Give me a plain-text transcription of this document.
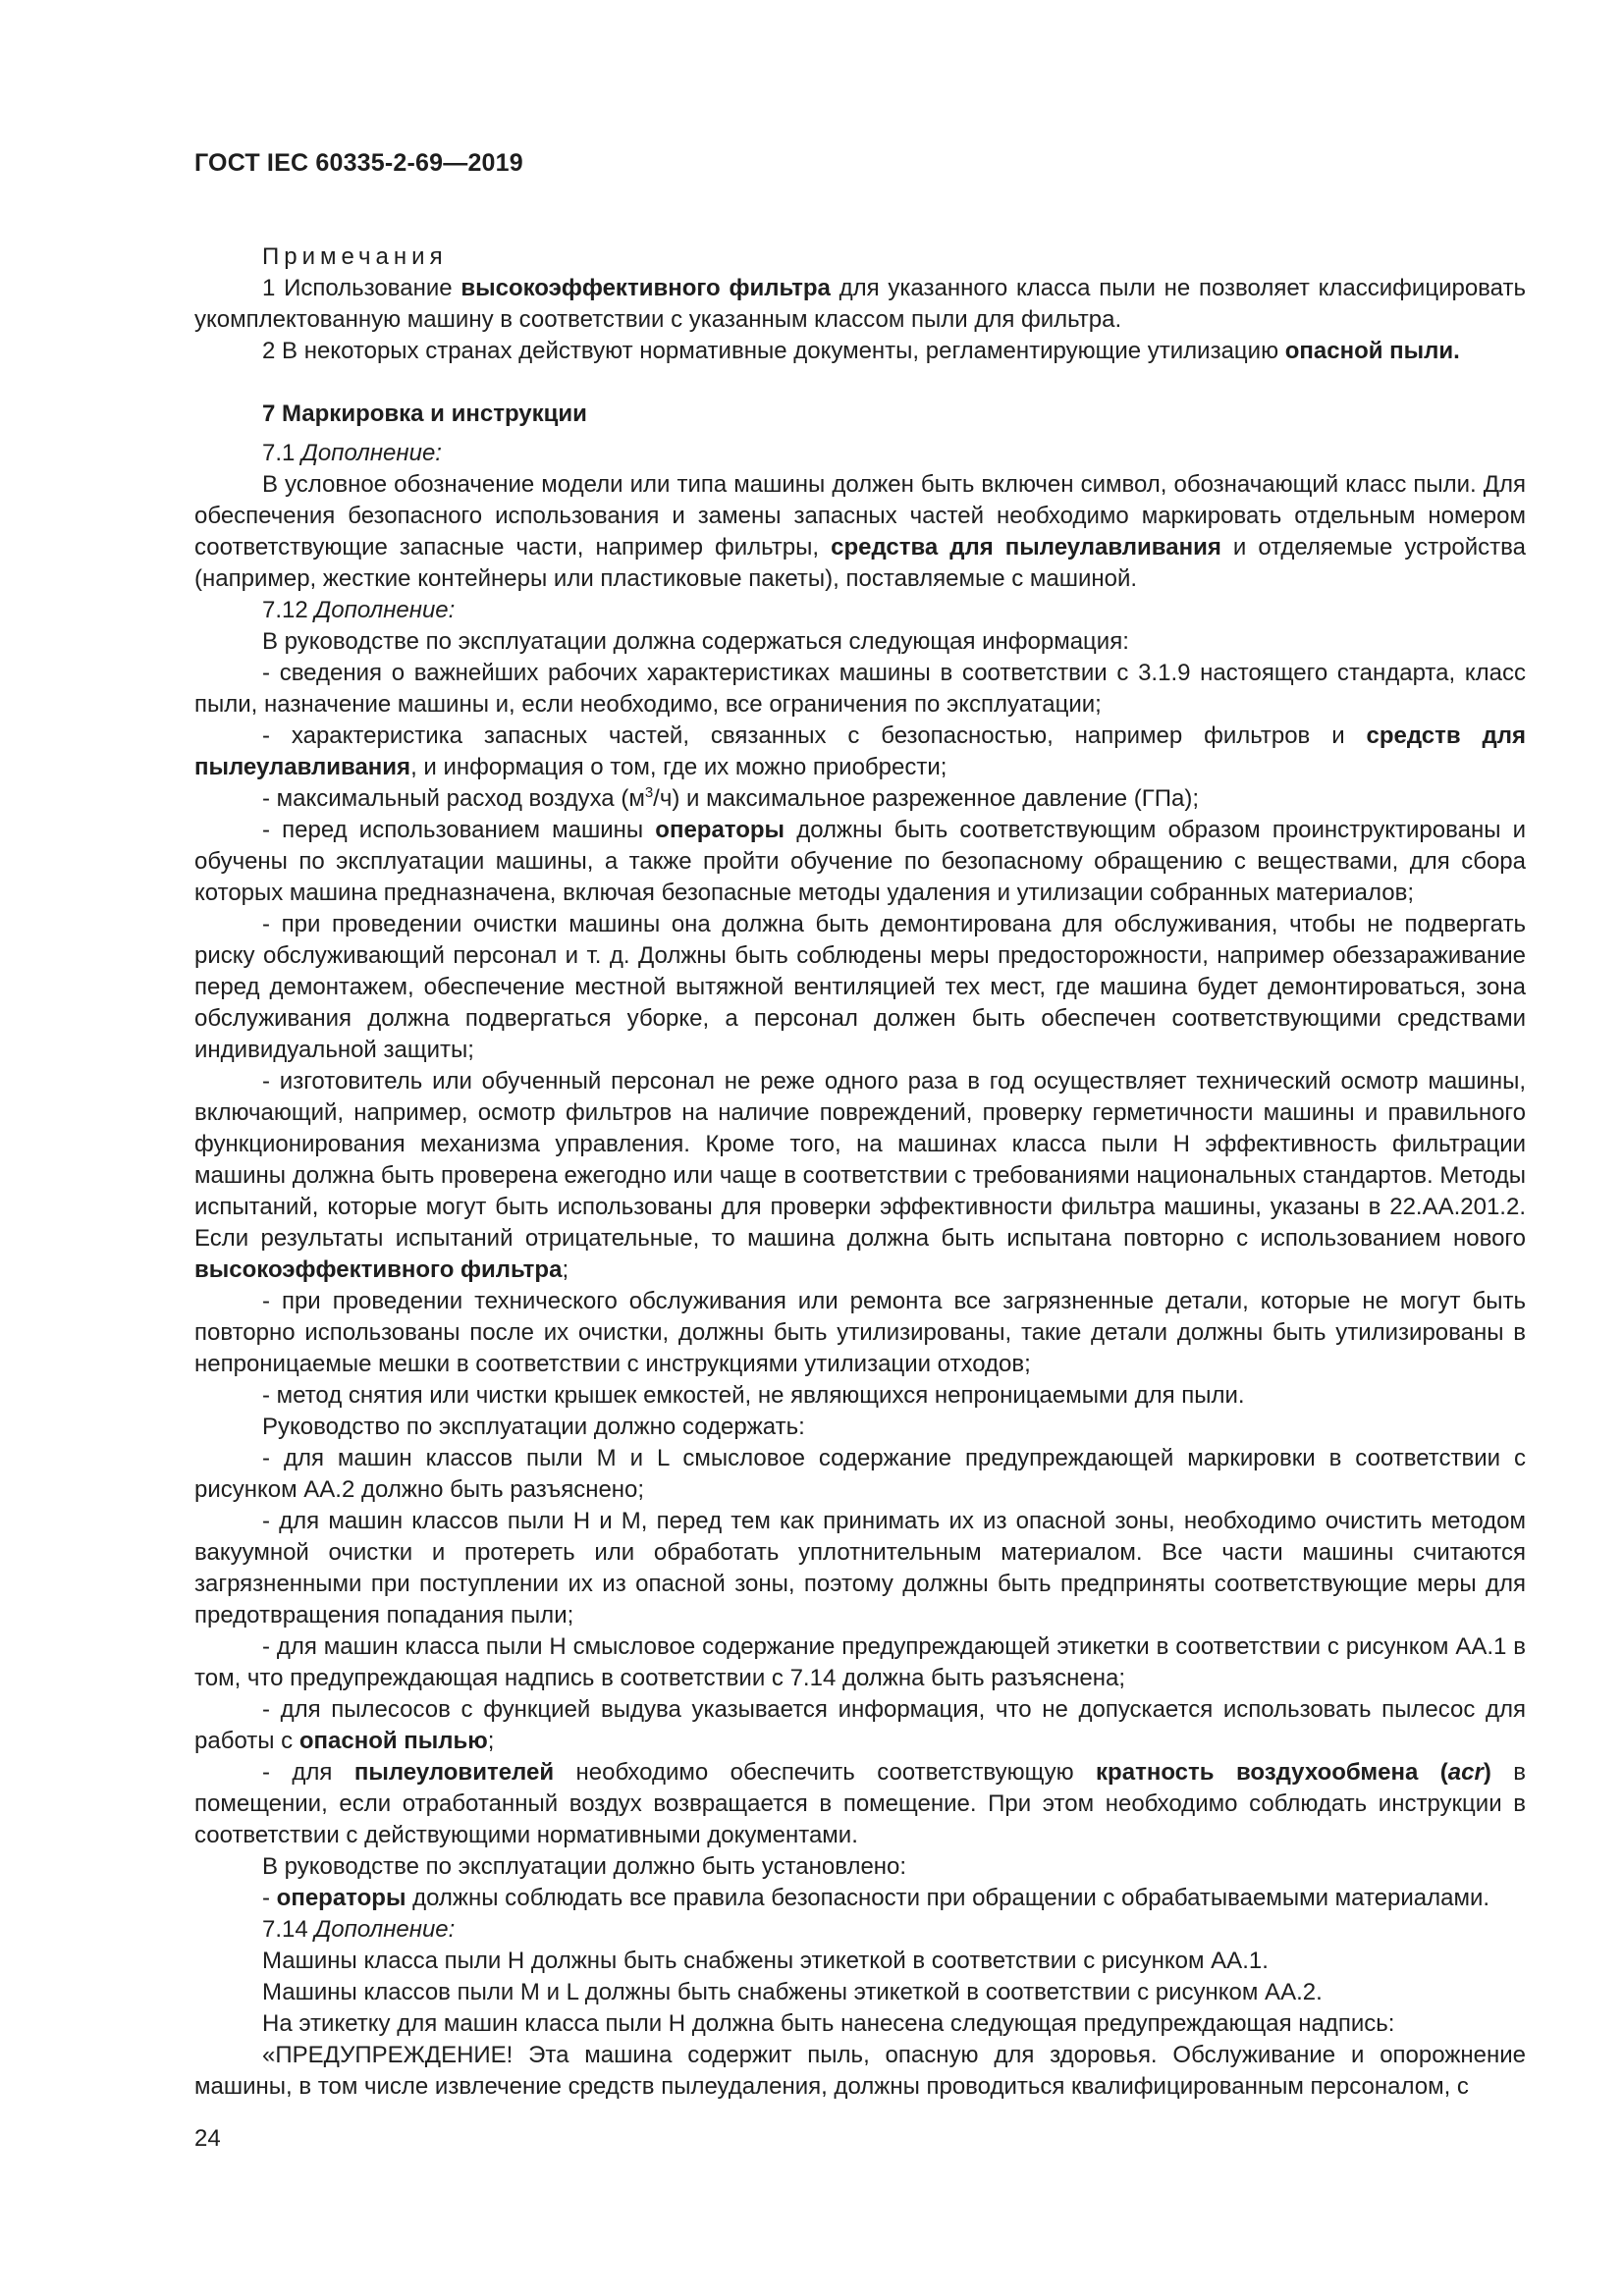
ГОСТ IEC 60335-2-69—2019

Примечания

1 Использование высокоэффективного фильтра для указанного класса пыли не позволяет классифицировать укомплектованную машину в соответствии с указанным классом пыли для фильтра.

2 В некоторых странах действуют нормативные документы, регламентирующие утилизацию опасной пыли.

7 Маркировка и инструкции

7.1 Дополнение:

В условное обозначение модели или типа машины должен быть включен символ, обозначающий класс пыли. Для обеспечения безопасного использования и замены запасных частей необходимо маркировать отдельным номером соответствующие запасные части, например фильтры, средства для пылеулавливания и отделяемые устройства (например, жесткие контейнеры или пластиковые пакеты), поставляемые с машиной.

7.12 Дополнение:

В руководстве по эксплуатации должна содержаться следующая информация:

- сведения о важнейших рабочих характеристиках машины в соответствии с 3.1.9 настоящего стандарта, класс пыли, назначение машины и, если необходимо, все ограничения по эксплуатации;

- характеристика запасных частей, связанных с безопасностью, например фильтров и средств для пылеулавливания, и информация о том, где их можно приобрести;

- максимальный расход воздуха $(м^3/ч)$ и максимальное разреженное давление (ГПа);

- перед использованием машины операторы должны быть соответствующим образом проинструктированы и обучены по эксплуатации машины, а также пройти обучение по безопасному обращению с веществами, для сбора которых машина предназначена, включая безопасные методы удаления и утилизации собранных материалов;

- при проведении очистки машины она должна быть демонтирована для обслуживания, чтобы не подвергать риску обслуживающий персонал и т. д. Должны быть соблюдены меры предосторожности, например обеззараживание перед демонтажем, обеспечение местной вытяжной вентиляцией тех мест, где машина будет демонтироваться, зона обслуживания должна подвергаться уборке, а персонал должен быть обеспечен соответствующими средствами индивидуальной защиты;

- изготовитель или обученный персонал не реже одного раза в год осуществляет технический осмотр машины, включающий, например, осмотр фильтров на наличие повреждений, проверку герметичности машины и правильного функционирования механизма управления. Кроме того, на машинах класса пыли Н эффективность фильтрации машины должна быть проверена ежегодно или чаще в соответствии с требованиями национальных стандартов. Методы испытаний, которые могут быть использованы для проверки эффективности фильтра машины, указаны в 22.АА.201.2. Если результаты испытаний отрицательные, то машина должна быть испытана повторно с использованием нового высокоэффективного фильтра;

- при проведении технического обслуживания или ремонта все загрязненные детали, которые не могут быть повторно использованы после их очистки, должны быть утилизированы, такие детали должны быть утилизированы в непроницаемые мешки в соответствии с инструкциями утилизации отходов;

- метод снятия или чистки крышек емкостей, не являющихся непроницаемыми для пыли.

Руководство по эксплуатации должно содержать:

- для машин классов пыли М и L смысловое содержание предупреждающей маркировки в соответствии с рисунком АА.2 должно быть разъяснено;

- для машин классов пыли Н и М, перед тем как принимать их из опасной зоны, необходимо очистить методом вакуумной очистки и протереть или обработать уплотнительным материалом. Все части машины считаются загрязненными при поступлении их из опасной зоны, поэтому должны быть предприняты соответствующие меры для предотвращения попадания пыли;

- для машин класса пыли Н смысловое содержание предупреждающей этикетки в соответствии с рисунком АА.1 в том, что предупреждающая надпись в соответствии с 7.14 должна быть разъяснена;

- для пылесосов с функцией выдува указывается информация, что не допускается использовать пылесос для работы с опасной пылью;

- для пылеуловителей необходимо обеспечить соответствующую кратность воздухообмена (acr) в помещении, если отработанный воздух возвращается в помещение. При этом необходимо соблюдать инструкции в соответствии с действующими нормативными документами.

В руководстве по эксплуатации должно быть установлено:

- операторы должны соблюдать все правила безопасности при обращении с обрабатываемыми материалами.

7.14 Дополнение:

Машины класса пыли Н должны быть снабжены этикеткой в соответствии с рисунком АА.1.

Машины классов пыли М и L должны быть снабжены этикеткой в соответствии с рисунком АА.2.

На этикетку для машин класса пыли Н должна быть нанесена следующая предупреждающая надпись:

«ПРЕДУПРЕЖДЕНИЕ! Эта машина содержит пыль, опасную для здоровья. Обслуживание и опорожнение машины, в том числе извлечение средств пылеудаления, должны проводиться квалифицированным персоналом, с

24
